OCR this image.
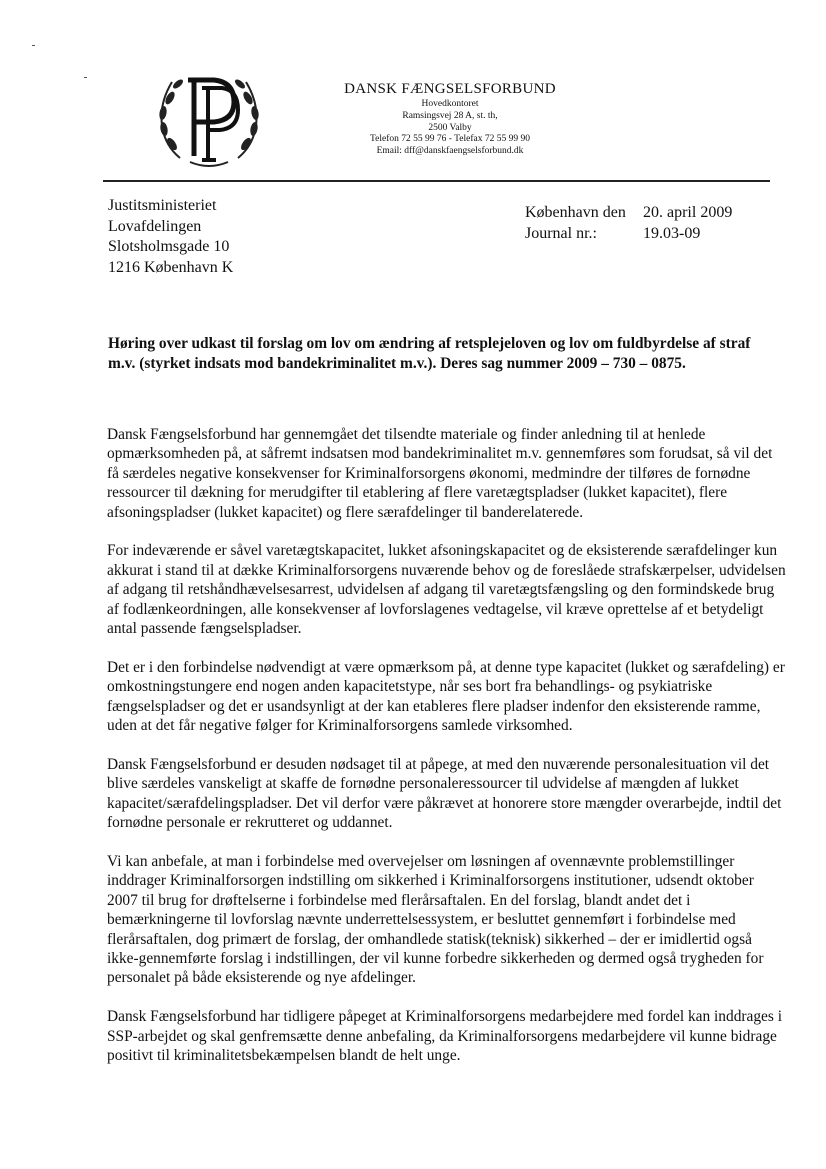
DANSK FÆNGSELSFORBUND
Hovedkontoret
Ramsingsvej 28 A, st. th,
2500 Valby
Telefon 72 55 99 76 - Telefax 72 55 99 90
Email: dff@danskfaengselsforbund.dk
Justitsministeriet
Lovafdelingen
Slotsholmsgade 10
1216 København K
København den 20. april 2009
Journal nr.:	19.03-09
Høring over udkast til forslag om lov om ændring af retsplejeloven og lov om fuldbyrdelse af straf m.v. (styrket indsats mod bandekriminalitet m.v.). Deres sag nummer 2009 – 730 – 0875.

Dansk Fængselsforbund har gennemgået det tilsendte materiale og finder anledning til at henlede opmærksomheden på, at såfremt indsatsen mod bandekriminalitet m.v. gennemføres som forudsat, så vil det få særdeles negative konsekvenser for Kriminalforsorgens økonomi, medmindre der tilføres de fornødne ressourcer til dækning for merudgifter til etablering af flere varetægtspladser (lukket kapacitet), flere afsoningspladser (lukket kapacitet) og flere særafdelinger til banderelaterede.

For indeværende er såvel varetægtskapacitet, lukket afsoningskapacitet og de eksisterende særafdelinger kun akkurat i stand til at dække Kriminalforsorgens nuværende behov og de foreslåede strafskærpelser, udvidelsen af adgang til retshåndhævelsesarrest, udvidelsen af adgang til varetægtsfængsling og den formindskede brug af fodlænkeordningen, alle konsekvenser af lovforslagenes vedtagelse, vil kræve oprettelse af et betydeligt antal passende fængselspladser.

Det er i den forbindelse nødvendigt at være opmærksom på, at denne type kapacitet (lukket og særafdeling) er omkostningstungere end nogen anden kapacitetstype, når ses bort fra behandlings- og psykiatriske fængselspladser og det er usandsynligt at der kan etableres flere pladser indenfor den eksisterende ramme, uden at det får negative følger for Kriminalforsorgens samlede virksomhed.

Dansk Fængselsforbund er desuden nødsaget til at påpege, at med den nuværende personalesituation vil det blive særdeles vanskeligt at skaffe de fornødne personaleressourcer til udvidelse af mængden af lukket kapacitet/særafdelingspladser. Det vil derfor være påkrævet at honorere store mængder overarbejde, indtil det fornødne personale er rekrutteret og uddannet.

Vi kan anbefale, at man i forbindelse med overvejelser om løsningen af ovennævnte problemstillinger inddrager Kriminalforsorgen indstilling om sikkerhed i Kriminalforsorgens institutioner, udsendt oktober 2007 til brug for drøftelserne i forbindelse med flerårsaftalen. En del forslag, blandt andet det i bemærkningerne til lovforslag nævnte underrettelsessystem, er besluttet gennemført i forbindelse med flerårsaftalen, dog primært de forslag, der omhandlede statisk(teknisk) sikkerhed – der er imidlertid også ikke-gennemførte forslag i indstillingen, der vil kunne forbedre sikkerheden og dermed også trygheden for personalet på både eksisterende og nye afdelinger.

Dansk Fængselsforbund har tidligere påpeget at Kriminalforsorgens medarbejdere med fordel kan inddrages i SSP-arbejdet og skal genfremsætte denne anbefaling, da Kriminalforsorgens medarbejdere vil kunne bidrage positivt til kriminalitetsbekæmpelsen blandt de helt unge.
